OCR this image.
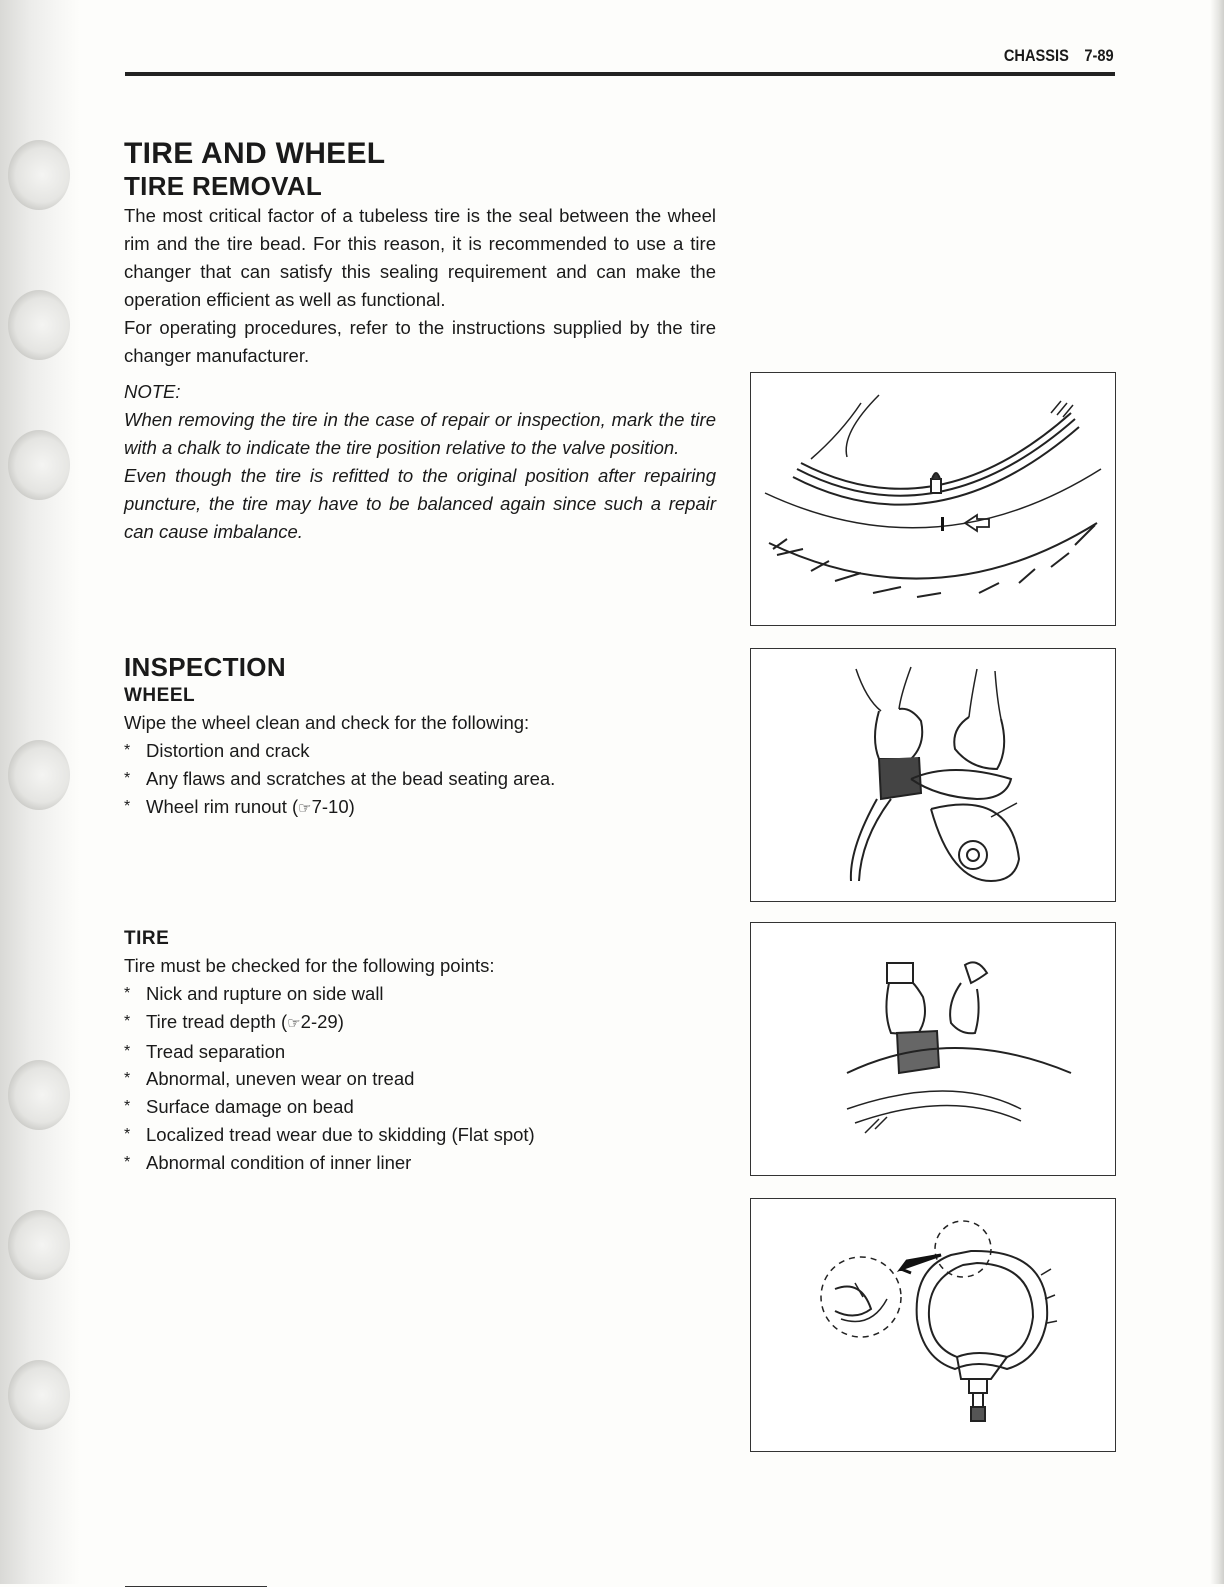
CHASSIS 7-89
TIRE AND WHEEL
TIRE REMOVAL

The most critical factor of a tubeless tire is the seal between the wheel rim and the tire bead. For this reason, it is recommended to use a tire changer that can satisfy this sealing requirement and can make the operation efficient as well as functional.

For operating procedures, refer to the instructions supplied by the tire changer manufacturer.

NOTE:

When removing the tire in the case of repair or inspection, mark the tire with a chalk to indicate the tire position relative to the valve position.

Even though the tire is refitted to the original position after repairing puncture, the tire may have to be balanced again since such a repair can cause imbalance.

INSPECTION
WHEEL

Wipe the wheel clean and check for the following:

* Distortion and crack
* Any flaws and scratches at the bead seating area.
* Wheel rim runout (☞7-10)
TIRE

Tire must be checked for the following points:

* Nick and rupture on side wall
* Tire tread depth (☞2-29)
* Tread separation
* Abnormal, uneven wear on tread
* Surface damage on bead
* Localized tread wear due to skidding (Flat spot)
* Abnormal condition of inner liner
